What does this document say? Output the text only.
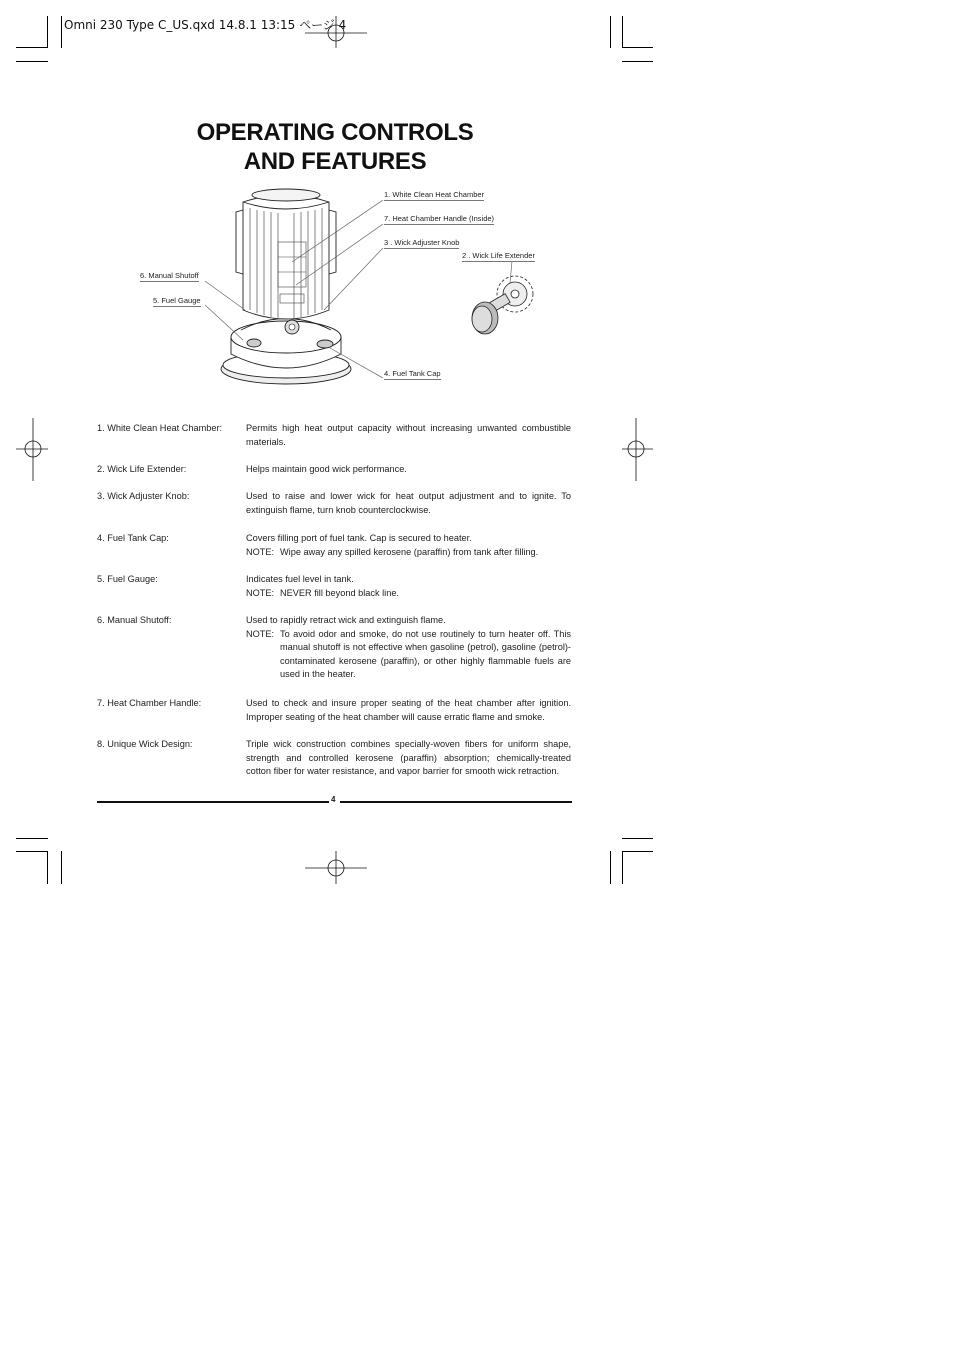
Omni 230 Type C_US.qxd 14.8.1 13:15 ページ 4
OPERATING CONTROLS
AND FEATURES
1. White Clean Heat Chamber
7. Heat Chamber Handle (Inside)
3 . Wick Adjuster Knob
2 . Wick Life Extender
6. Manual Shutoff
5. Fuel Gauge
4. Fuel Tank Cap
1. White Clean Heat Chamber:	Permits high heat output capacity without increasing unwanted combustible materials.
2. Wick Life Extender:	Helps maintain good wick performance.
3. Wick Adjuster Knob:	Used to raise and lower wick for heat output adjustment and to ignite. To extinguish flame, turn knob counterclockwise.
4. Fuel Tank Cap:	Covers filling port of fuel tank. Cap is secured to heater.
NOTE: Wipe away any spilled kerosene (paraffin) from tank after filling.
5. Fuel Gauge:	Indicates fuel level in tank.
NOTE: NEVER fill beyond black line.
6. Manual Shutoff:	Used to rapidly retract wick and extinguish flame.
NOTE: To avoid odor and smoke, do not use routinely to turn heater off. This manual shutoff is not effective when gasoline (petrol), gasoline (petrol)-contaminated kerosene (paraffin), or other highly flammable fuels are used in the heater.
7. Heat Chamber Handle:	Used to check and insure proper seating of the heat chamber after ignition. Improper seating of the heat chamber will cause erratic flame and smoke.
8. Unique Wick Design:	Triple wick construction combines specially-woven fibers for uniform shape, strength and controlled kerosene (paraffin) absorption; chemically-treated cotton fiber for water resistance, and vapor barrier for smooth wick retraction.
4
